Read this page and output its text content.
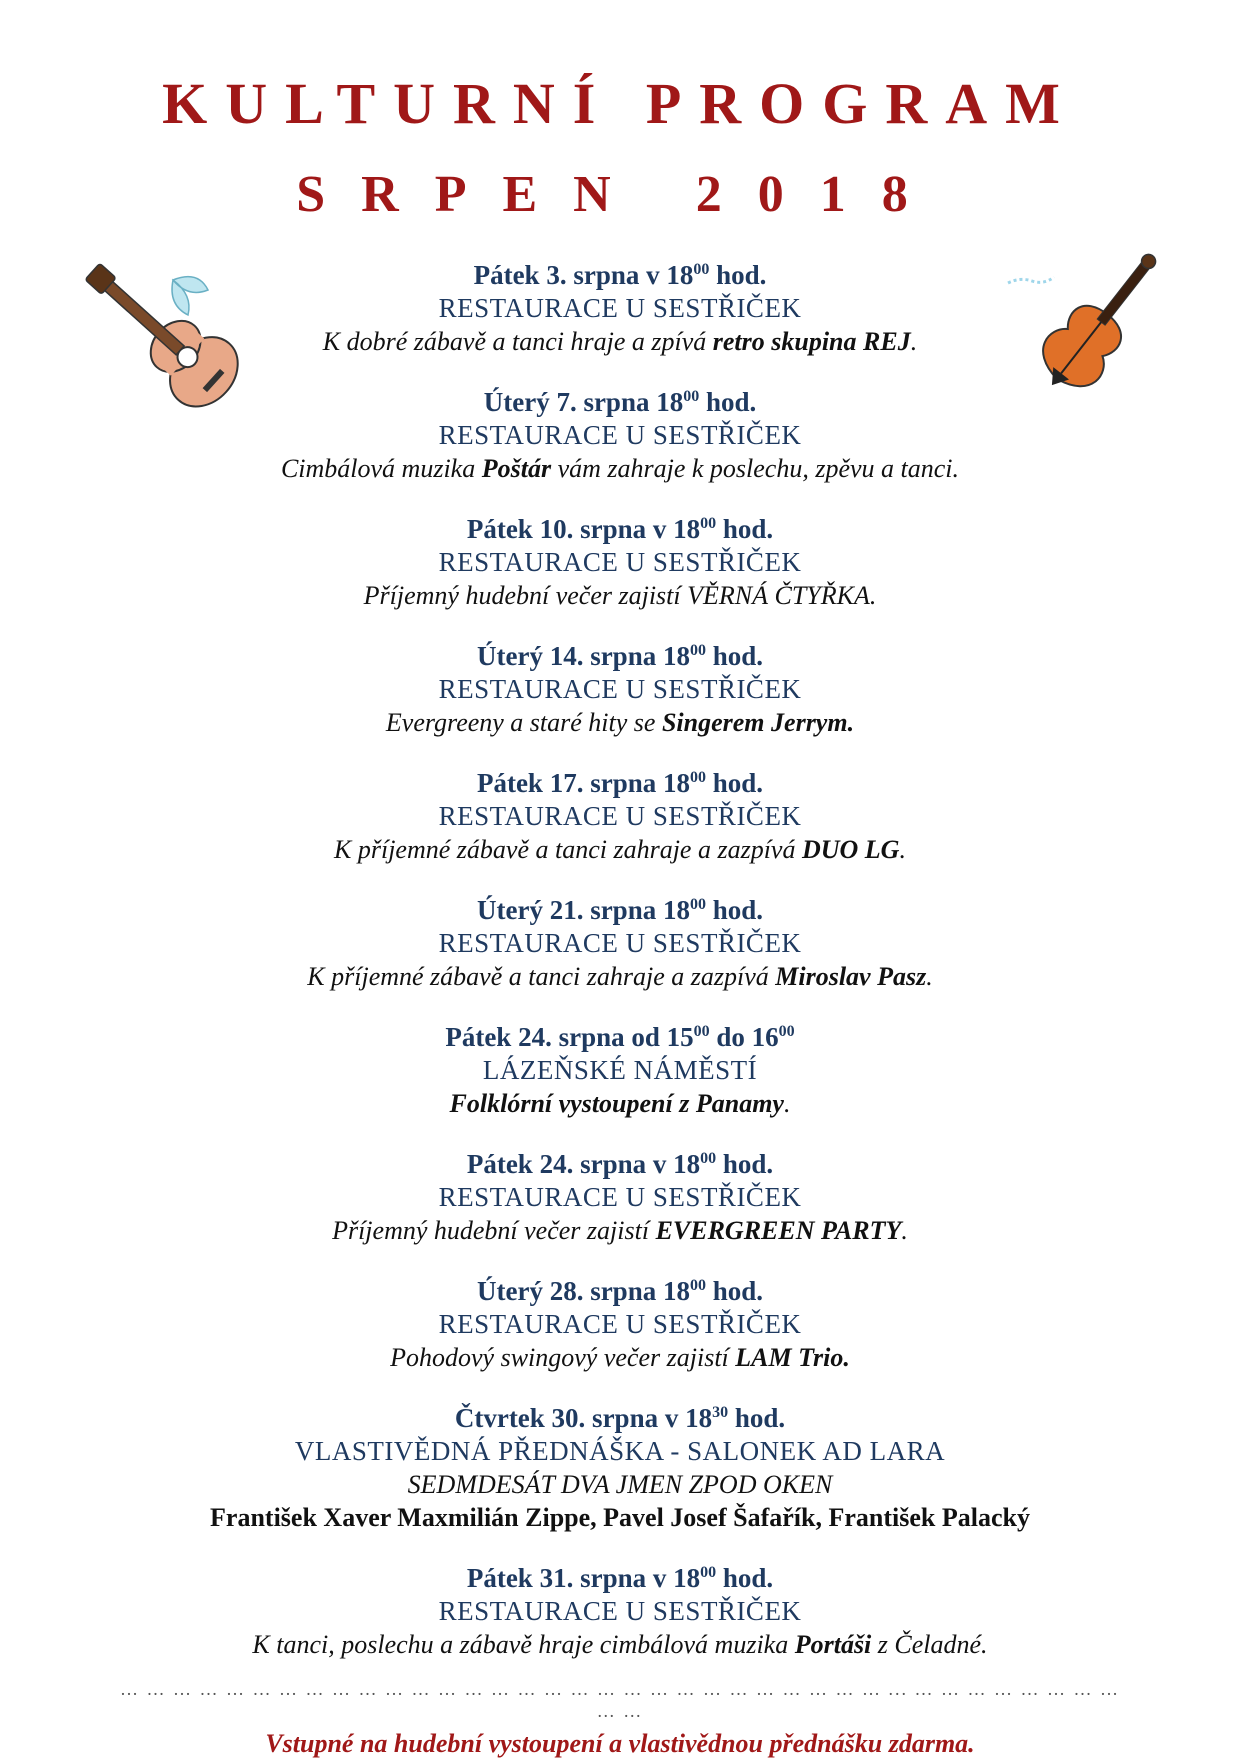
KULTURNÍ PROGRAM
SRPEN 2018
Pátek 3. srpna v $18^{00}$ hod.
RESTAURACE U SESTŘIČEK
K dobré zábavě a tanci hraje a zpívá retro skupina REJ.
Úterý 7. srpna $18^{00}$ hod.
RESTAURACE U SESTŘIČEK
Cimbálová muzika Poštár vám zahraje k poslechu, zpěvu a tanci.
Pátek 10. srpna v $18^{00}$ hod.
RESTAURACE U SESTŘIČEK
Příjemný hudební večer zajistí VĚRNÁ ČTYŘKA.
Úterý 14. srpna $18^{00}$ hod.
RESTAURACE U SESTŘIČEK
Evergreeny a staré hity se Singerem Jerrym.
Pátek 17. srpna $18^{00}$ hod.
RESTAURACE U SESTŘIČEK
K příjemné zábavě a tanci zahraje a zazpívá DUO LG.
Úterý 21. srpna $18^{00}$ hod.
RESTAURACE U SESTŘIČEK
K příjemné zábavě a tanci zahraje a zazpívá Miroslav Pasz.
Pátek 24. srpna od $15^{00}$ do $16^{00}$
LÁZEŇSKÉ NÁMĚSTÍ
Folklórní vystoupení z Panamy.
Pátek 24. srpna v $18^{00}$ hod.
RESTAURACE U SESTŘIČEK
Příjemný hudební večer zajistí EVERGREEN PARTY.
Úterý 28. srpna $18^{00}$ hod.
RESTAURACE U SESTŘIČEK
Pohodový swingový večer zajistí LAM Trio.
Čtvrtek 30. srpna v $18^{30}$ hod.
VLASTIVĚDNÁ PŘEDNÁŠKA - SALONEK AD LARA
SEDMDESÁT DVA JMEN ZPOD OKEN
František Xaver Maxmilián Zippe, Pavel Josef Šafařík, František Palacký
Pátek 31. srpna v $18^{00}$ hod.
RESTAURACE U SESTŘIČEK
K tanci, poslechu a zábavě hraje cimbálová muzika Portáši z Čeladné.
… … … … … … … … … … … … … … … … … … … … … … … … … … … … … ... … … … … … … … … … …
Vstupné na hudební vystoupení a vlastivědnou přednášku zdarma.
